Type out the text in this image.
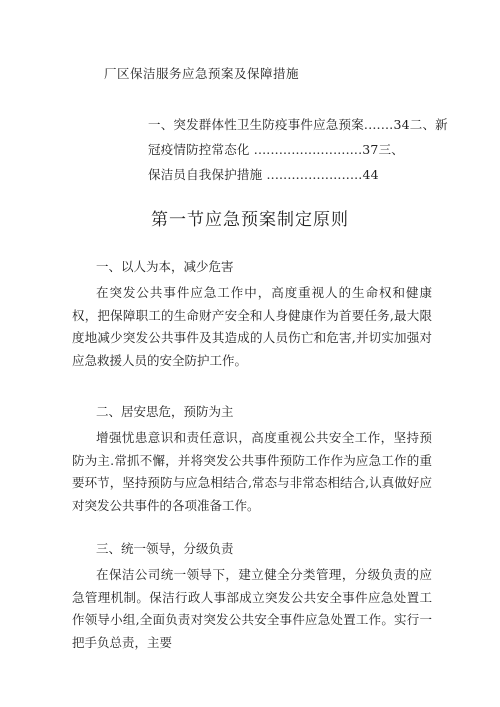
厂区保洁服务应急预案及保障措施

一、突发群体性卫生防疫事件应急预案.……34二、新

冠疫情防控常态化 ..........................37三、

保洁员自我保护措施 .......................44

第一节应急预案制定原则
一、以人为本，减少危害

在突发公共事件应急工作中，高度重视人的生命权和健康权，把保障职工的生命财产安全和人身健康作为首要任务,最大限度地减少突发公共事件及其造成的人员伤亡和危害,并切实加强对应急救援人员的安全防护工作。

二、居安思危，预防为主

增强忧患意识和责任意识，高度重视公共安全工作，坚持预防为主.常抓不懈，并将突发公共事件预防工作作为应急工作的重要环节，坚持预防与应急相结合,常态与非常态相结合,认真做好应对突发公共事件的各项准备工作。

三、统一领导，分级负责

在保洁公司统一领导下，建立健全分类管理，分级负责的应急管理机制。保洁行政人事部成立突发公共安全事件应急处置工作领导小组,全面负责对突发公共安全事件应急处置工作。实行一把手负总责，主要
